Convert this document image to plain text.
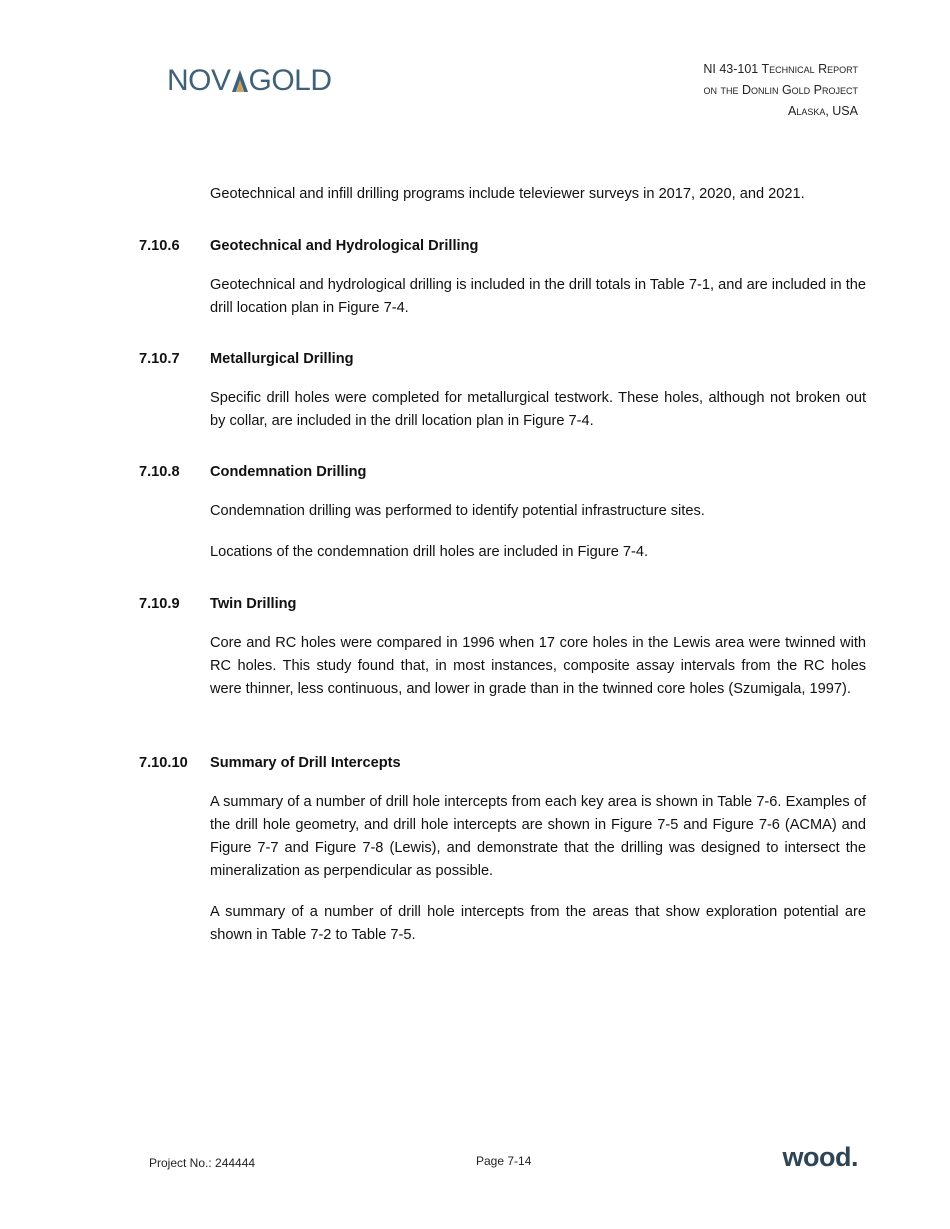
NOV GOLD	NI 43-101 Technical Report
on the Donlin Gold Project
Alaska, USA
Geotechnical and infill drilling programs include televiewer surveys in 2017, 2020, and 2021.
7.10.6	Geotechnical and Hydrological Drilling
Geotechnical and hydrological drilling is included in the drill totals in Table 7-1, and are included in the drill location plan in Figure 7-4.
7.10.7	Metallurgical Drilling
Specific drill holes were completed for metallurgical testwork. These holes, although not broken out by collar, are included in the drill location plan in Figure 7-4.
7.10.8	Condemnation Drilling
Condemnation drilling was performed to identify potential infrastructure sites.
Locations of the condemnation drill holes are included in Figure 7-4.
7.10.9	Twin Drilling
Core and RC holes were compared in 1996 when 17 core holes in the Lewis area were twinned with RC holes. This study found that, in most instances, composite assay intervals from the RC holes were thinner, less continuous, and lower in grade than in the twinned core holes (Szumigala, 1997).
7.10.10	Summary of Drill Intercepts
A summary of a number of drill hole intercepts from each key area is shown in Table 7-6. Examples of the drill hole geometry, and drill hole intercepts are shown in Figure 7-5 and Figure 7-6 (ACMA) and Figure 7-7 and Figure 7-8 (Lewis), and demonstrate that the drilling was designed to intersect the mineralization as perpendicular as possible.
A summary of a number of drill hole intercepts from the areas that show exploration potential are shown in Table 7-2 to Table 7-5.
Project No.: 244444	Page 7-14	wood.
